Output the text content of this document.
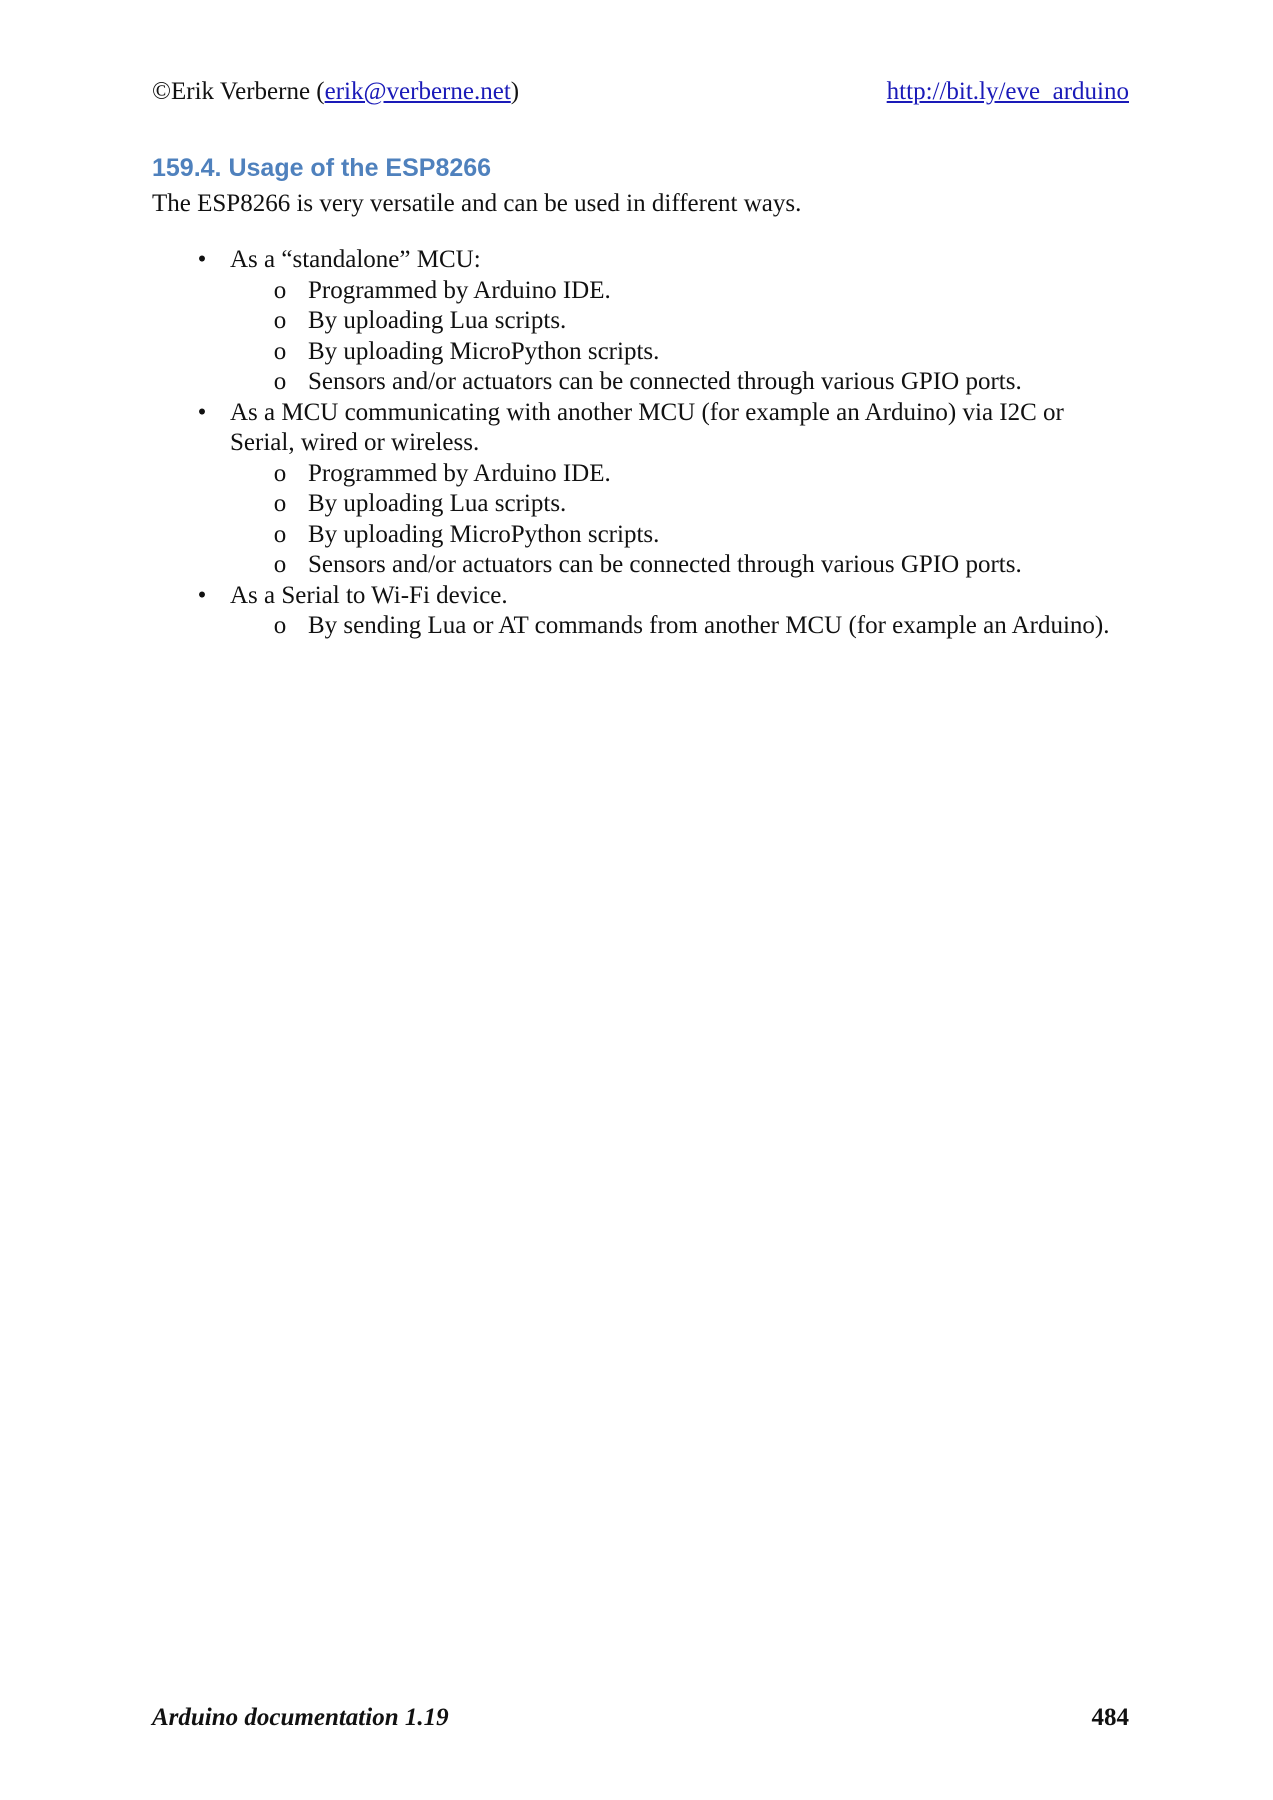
©Erik Verberne (erik@verberne.net)	http://bit.ly/eve_arduino
159.4. Usage of the ESP8266

The ESP8266 is very versatile and can be used in different ways.

• As a “standalone” MCU:
o Programmed by Arduino IDE.
o By uploading Lua scripts.
o By uploading MicroPython scripts.
o Sensors and/or actuators can be connected through various GPIO ports.
• As a MCU communicating with another MCU (for example an Arduino) via I2C or Serial, wired or wireless.
o Programmed by Arduino IDE.
o By uploading Lua scripts.
o By uploading MicroPython scripts.
o Sensors and/or actuators can be connected through various GPIO ports.
• As a Serial to Wi-Fi device.
o By sending Lua or AT commands from another MCU (for example an Arduino).
Arduino documentation 1.19	484
